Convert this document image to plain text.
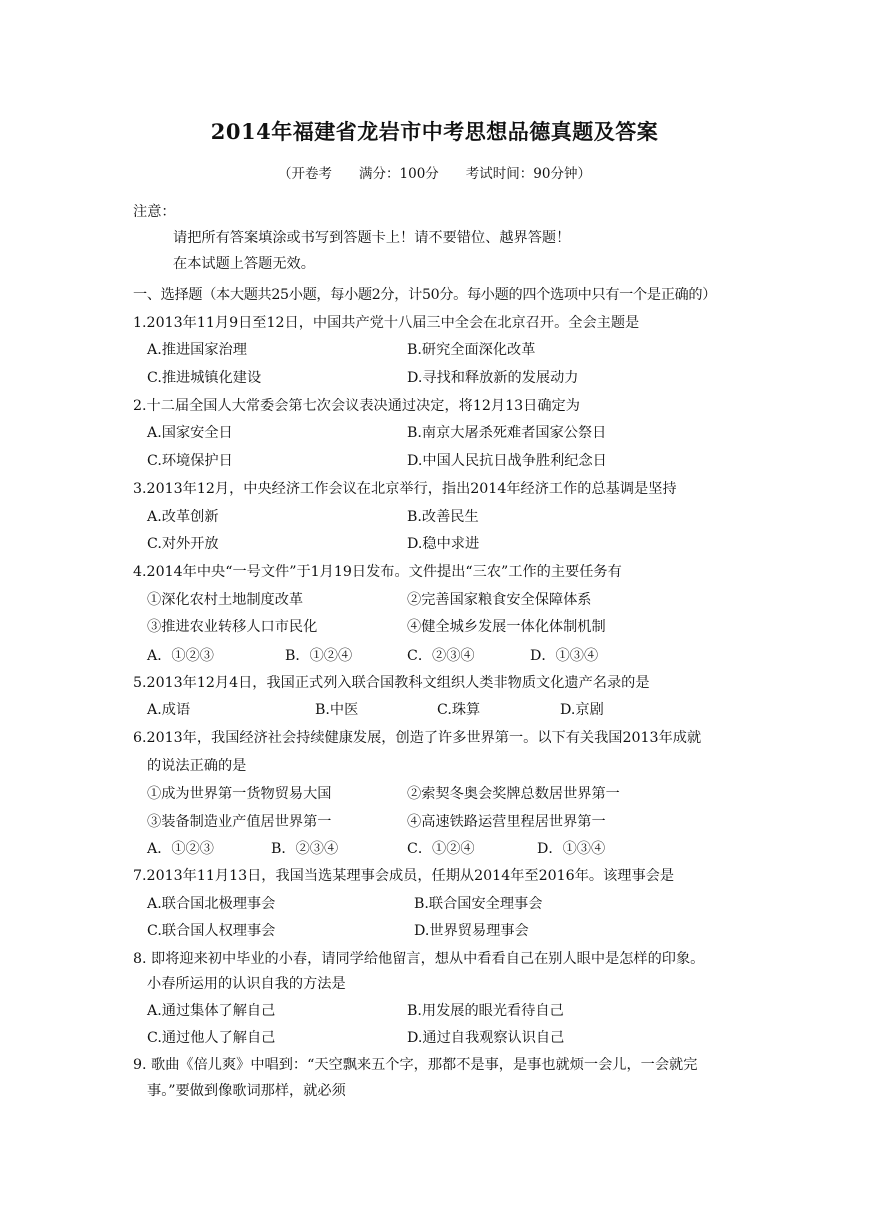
2014年福建省龙岩市中考思想品德真题及答案
（开卷考　　满分：100分　　考试时间：90分钟）
注意：
请把所有答案填涂或书写到答题卡上！请不要错位、越界答题！
在本试题上答题无效。
一、选择题（本大题共25小题，每小题2分，计50分。每小题的四个选项中只有一个是正确的）
1.2013年11月9日至12日，中国共产党十八届三中全会在北京召开。全会主题是
A.推进国家治理	B.研究全面深化改革
C.推进城镇化建设	D.寻找和释放新的发展动力
2.十二届全国人大常委会第七次会议表决通过决定，将12月13日确定为
A.国家安全日	B.南京大屠杀死难者国家公祭日
C.环境保护日	D.中国人民抗日战争胜利纪念日
3.2013年12月，中央经济工作会议在北京举行，指出2014年经济工作的总基调是坚持
A.改革创新	B.改善民生
C.对外开放	D.稳中求进
4.2014年中央“一号文件”于1月19日发布。文件提出“三农”工作的主要任务有
①深化农村土地制度改革	②完善国家粮食安全保障体系
③推进农业转移人口市民化	④健全城乡发展一体化体制机制
A．①②③	B．①②④	C．②③④	D．①③④
5.2013年12月4日，我国正式列入联合国教科文组织人类非物质文化遗产名录的是
A.成语	B.中医	C.珠算	D.京剧
6.2013年，我国经济社会持续健康发展，创造了许多世界第一。以下有关我国2013年成就
的说法正确的是
①成为世界第一货物贸易大国	②索契冬奥会奖牌总数居世界第一
③装备制造业产值居世界第一	④高速铁路运营里程居世界第一
A．①②③	B．②③④	C．①②④	D．①③④
7.2013年11月13日，我国当选某理事会成员，任期从2014年至2016年。该理事会是
A.联合国北极理事会	B.联合国安全理事会
C.联合国人权理事会	D.世界贸易理事会
8. 即将迎来初中毕业的小春，请同学给他留言，想从中看看自己在别人眼中是怎样的印象。
小春所运用的认识自我的方法是
A.通过集体了解自己	B.用发展的眼光看待自己
C.通过他人了解自己	D.通过自我观察认识自己
9. 歌曲《倍儿爽》中唱到：“天空飘来五个字，那都不是事，是事也就烦一会儿，一会就完
事。”要做到像歌词那样，就必须
